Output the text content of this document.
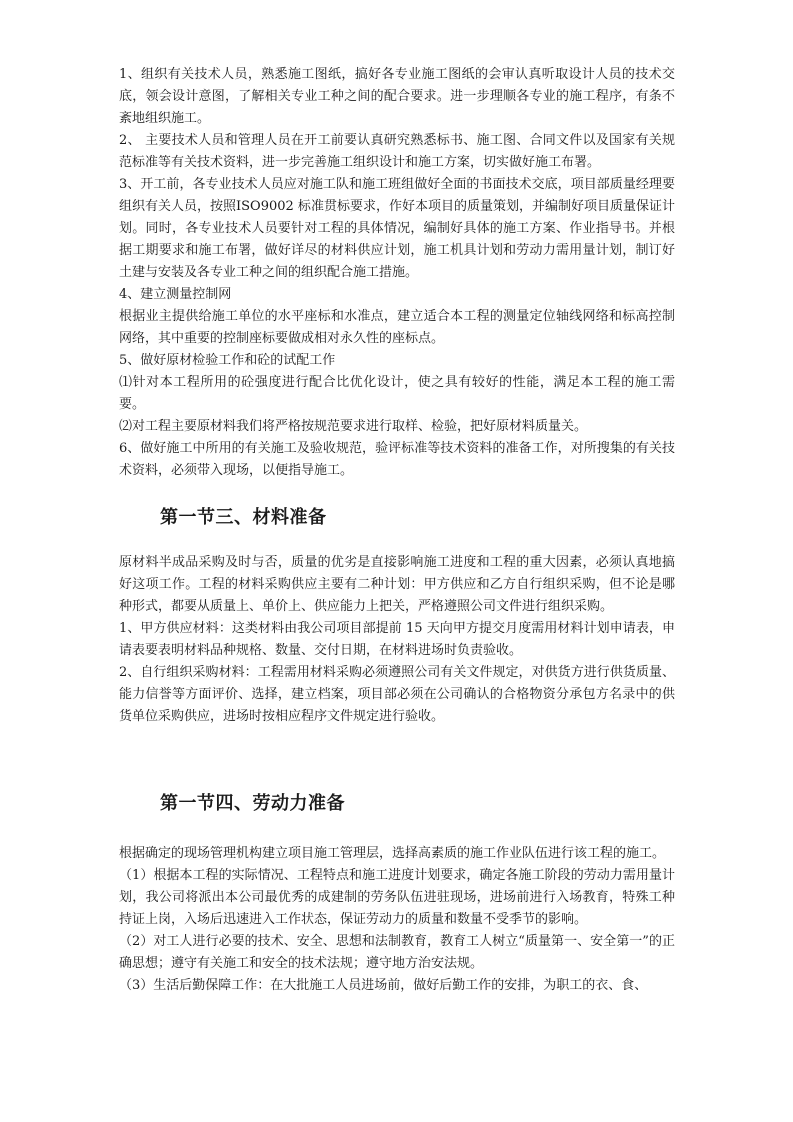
1、组织有关技术人员，熟悉施工图纸，搞好各专业施工图纸的会审认真听取设计人员的技术交底，领会设计意图，了解相关专业工种之间的配合要求。进一步理顺各专业的施工程序，有条不紊地组织施工。

2、 主要技术人员和管理人员在开工前要认真研究熟悉标书、施工图、合同文件以及国家有关规范标准等有关技术资料，进一步完善施工组织设计和施工方案，切实做好施工布署。

3、开工前，各专业技术人员应对施工队和施工班组做好全面的书面技术交底，项目部质量经理要组织有关人员，按照ISO9002 标准贯标要求，作好本项目的质量策划，并编制好项目质量保证计划。同时，各专业技术人员要针对工程的具体情况，编制好具体的施工方案、作业指导书。并根据工期要求和施工布署，做好详尽的材料供应计划，施工机具计划和劳动力需用量计划，制订好土建与安装及各专业工种之间的组织配合施工措施。

4、建立测量控制网

根据业主提供给施工单位的水平座标和水准点，建立适合本工程的测量定位轴线网络和标高控制网络，其中重要的控制座标要做成相对永久性的座标点。

5、做好原材检验工作和砼的试配工作

⑴针对本工程所用的砼强度进行配合比优化设计，使之具有较好的性能，满足本工程的施工需要。

⑵对工程主要原材料我们将严格按规范要求进行取样、检验，把好原材料质量关。

6、做好施工中所用的有关施工及验收规范，验评标准等技术资料的准备工作，对所搜集的有关技术资料，必须带入现场，以便指导施工。

第一节三、材料准备

原材料半成品采购及时与否，质量的优劣是直接影响施工进度和工程的重大因素，必须认真地搞好这项工作。工程的材料采购供应主要有二种计划：甲方供应和乙方自行组织采购，但不论是哪种形式，都要从质量上、单价上、供应能力上把关，严格遵照公司文件进行组织采购。

1、甲方供应材料：这类材料由我公司项目部提前 15 天向甲方提交月度需用材料计划申请表，申请表要表明材料品种规格、数量、交付日期，在材料进场时负责验收。

2、自行组织采购材料：工程需用材料采购必须遵照公司有关文件规定，对供货方进行供货质量、能力信誉等方面评价、选择，建立档案，项目部必须在公司确认的合格物资分承包方名录中的供货单位采购供应，进场时按相应程序文件规定进行验收。

第一节四、劳动力准备

根据确定的现场管理机构建立项目施工管理层，选择高素质的施工作业队伍进行该工程的施工。

（1）根据本工程的实际情况、工程特点和施工进度计划要求，确定各施工阶段的劳动力需用量计划，我公司将派出本公司最优秀的成建制的劳务队伍进驻现场，进场前进行入场教育，特殊工种持证上岗，入场后迅速进入工作状态，保证劳动力的质量和数量不受季节的影响。

（2）对工人进行必要的技术、安全、思想和法制教育，教育工人树立“质量第一、安全第一”的正确思想；遵守有关施工和安全的技术法规；遵守地方治安法规。

（3）生活后勤保障工作：在大批施工人员进场前，做好后勤工作的安排，为职工的衣、食、
